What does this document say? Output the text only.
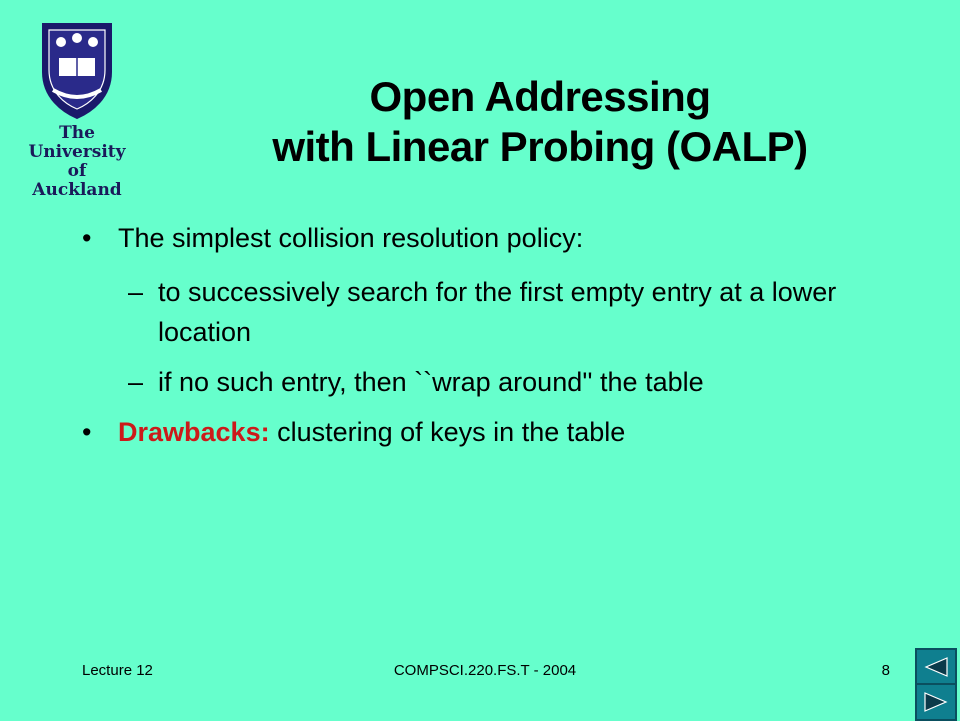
The
University
of Auckland
Open Addressing
with Linear Probing (OALP)
• The simplest collision resolution policy:
– to successively search for the first empty entry at a lower location
– if no such entry, then ``wrap around'' the table
• Drawbacks: clustering of keys in the table
Lecture 12	COMPSCI.220.FS.T - 2004	8
